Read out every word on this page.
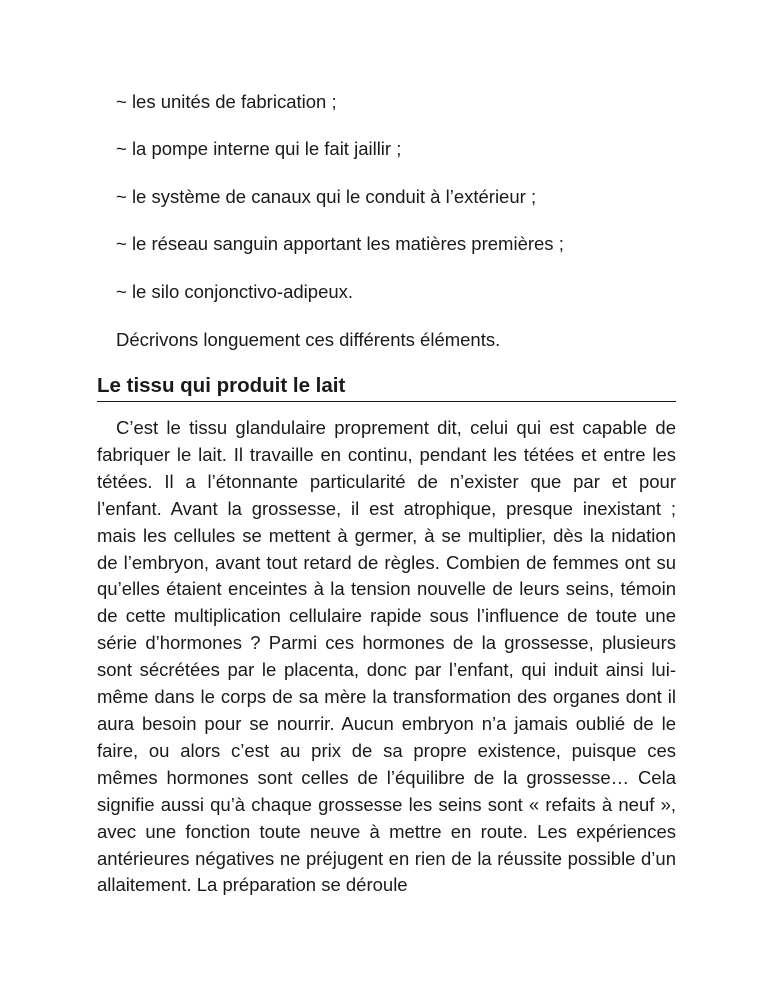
~ les unités de fabrication ;
~ la pompe interne qui le fait jaillir ;
~ le système de canaux qui le conduit à l’extérieur ;
~ le réseau sanguin apportant les matières premières ;
~ le silo conjonctivo-adipeux.

Décrivons longuement ces différents éléments.

Le tissu qui produit le lait

C’est le tissu glandulaire proprement dit, celui qui est capable de fabriquer le lait. Il travaille en continu, pendant les tétées et entre les tétées. Il a l’étonnante particularité de n’exister que par et pour l’enfant. Avant la grossesse, il est atrophique, presque inexistant ; mais les cellules se mettent à germer, à se multiplier, dès la nidation de l’embryon, avant tout retard de règles. Combien de femmes ont su qu’elles étaient enceintes à la tension nouvelle de leurs seins, témoin de cette multiplication cellulaire rapide sous l’influence de toute une série d’hormones ? Parmi ces hormones de la grossesse, plusieurs sont sécrétées par le placenta, donc par l’enfant, qui induit ainsi lui-même dans le corps de sa mère la transformation des organes dont il aura besoin pour se nourrir. Aucun embryon n’a jamais oublié de le faire, ou alors c’est au prix de sa propre existence, puisque ces mêmes hormones sont celles de l’équilibre de la grossesse… Cela signifie aussi qu’à chaque grossesse les seins sont « refaits à neuf », avec une fonction toute neuve à mettre en route. Les expériences antérieures négatives ne préjugent en rien de la réussite possible d’un allaitement. La préparation se déroule
